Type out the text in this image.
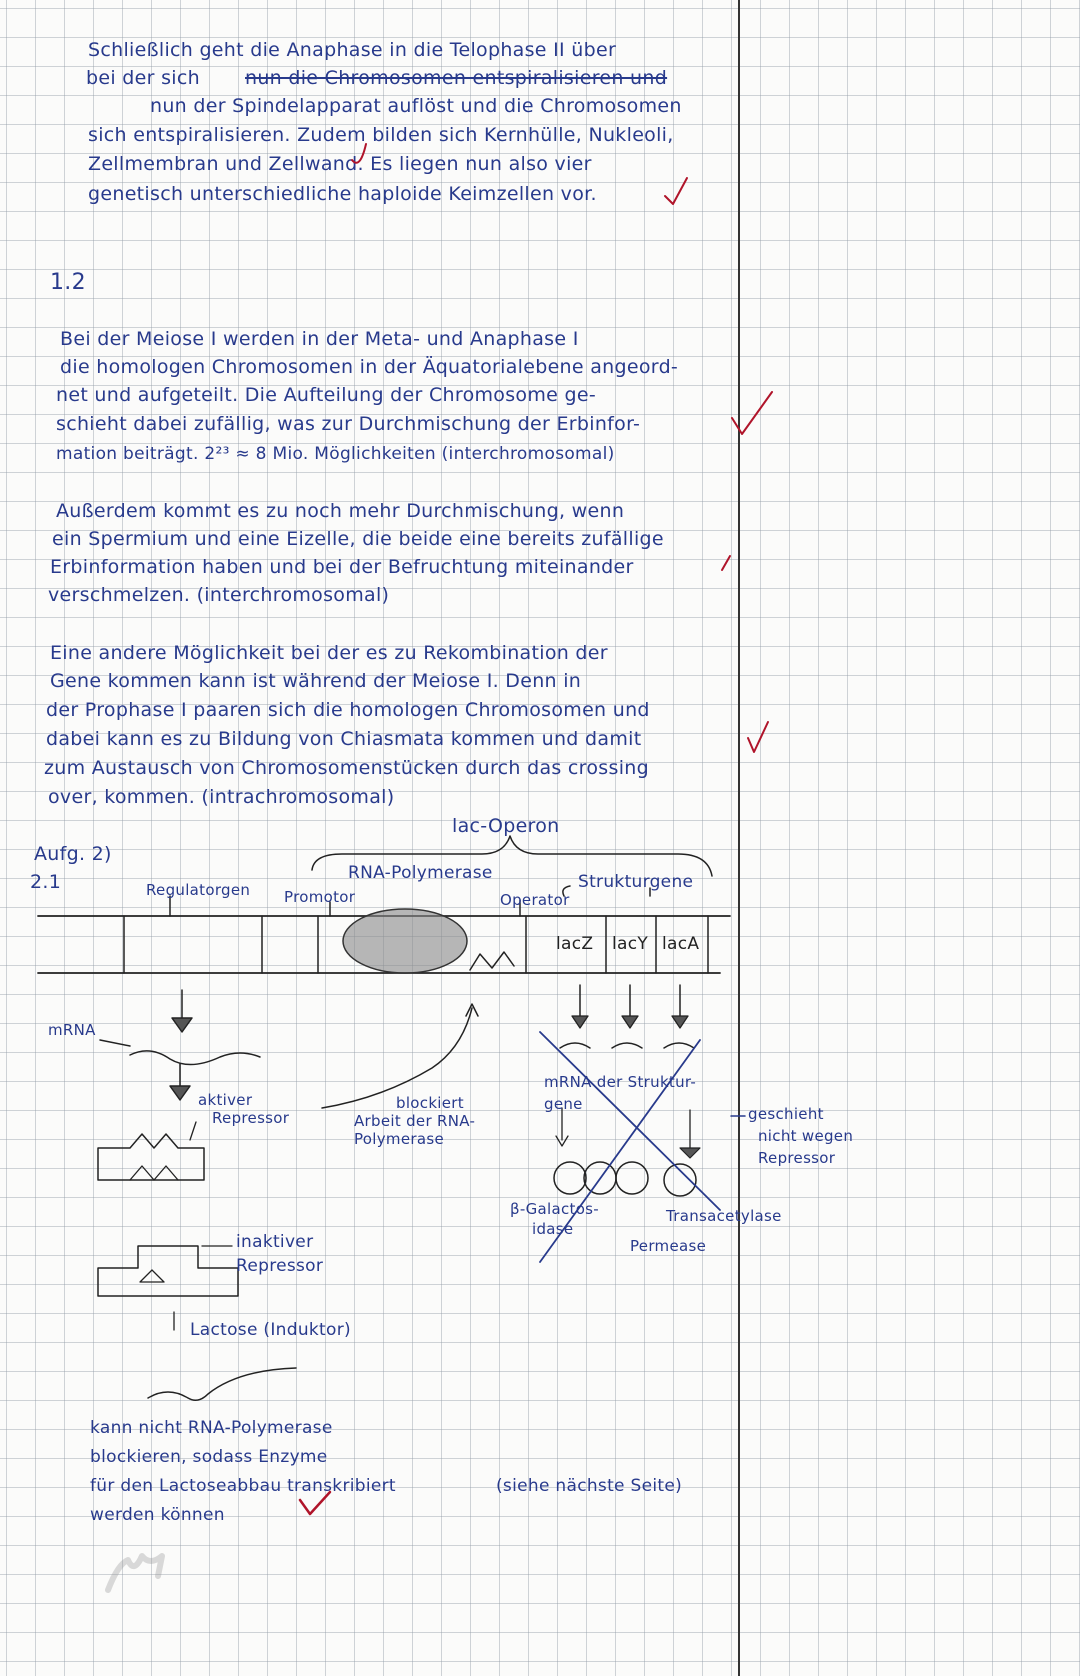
Schließlich geht die Anaphase in die Telophase II über
bei der sich nun die Chromosomen entspiralisieren und
nun der Spindelapparat auflöst und die Chromosomen
sich entspiralisieren. Zudem bilden sich Kernhülle, Nukleoli,
Zellmembran und Zellwand. Es liegen nun also vier
genetisch unterschiedliche haploide Keimzellen vor.
1.2
Bei der Meiose I werden in der Meta- und Anaphase I
die homologen Chromosomen in der Äquatorialebene angeord-
net und aufgeteilt. Die Aufteilung der Chromosome ge-
schieht dabei zufällig, was zur Durchmischung der Erbinfor-
mation beiträgt. 2²³ ≈ 8 Mio. Möglichkeiten (interchromosomal)
Außerdem kommt es zu noch mehr Durchmischung, wenn
ein Spermium und eine Eizelle, die beide eine bereits zufällige
Erbinformation haben und bei der Befruchtung miteinander
verschmelzen. (interchromosomal)
Eine andere Möglichkeit bei der es zu Rekombination der
Gene kommen kann ist während der Meiose I. Denn in
der Prophase I paaren sich die homologen Chromosomen und
dabei kann es zu Bildung von Chiasmata kommen und damit
zum Austausch von Chromosomenstücken durch das crossing
over, kommen. (intrachromosomal)
Aufg. 2)
2.1
lac-Operon
RNA-Polymerase
Regulatorgen Promotor	Operator
Strukturgene
lacZ lacY lacA
mRNA
aktiver
Repressor
blockiert
Arbeit der RNA-
Polymerase
mRNA der Struktur-
gene
geschieht
nicht wegen
Repressor
β-Galactos-
idase
Permease
Transacetylase
inaktiver
Repressor
Lactose (Induktor)
kann nicht RNA-Polymerase
blockieren, sodass Enzyme
für den Lactoseabbau transkribiert
werden können
(siehe nächste Seite)
